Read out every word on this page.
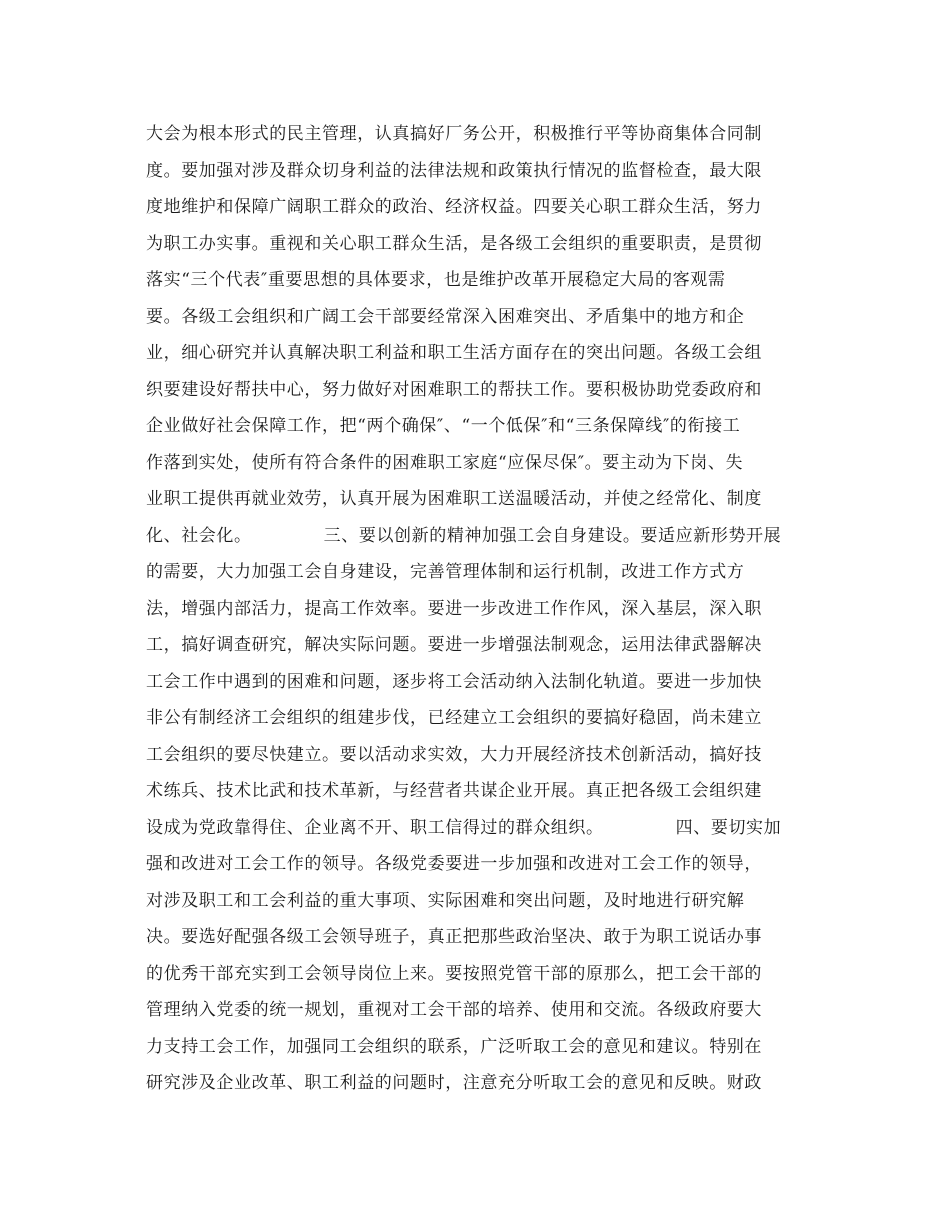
大会为根本形式的民主管理，认真搞好厂务公开，积极推行平等协商集体合同制
度。要加强对涉及群众切身利益的法律法规和政策执行情况的监督检查，最大限
度地维护和保障广阔职工群众的政治、经济权益。四要关心职工群众生活，努力
为职工办实事。重视和关心职工群众生活，是各级工会组织的重要职责，是贯彻
落实“三个代表″重要思想的具体要求，也是维护改革开展稳定大局的客观需
要。各级工会组织和广阔工会干部要经常深入困难突出、矛盾集中的地方和企
业，细心研究并认真解决职工利益和职工生活方面存在的突出问题。各级工会组
织要建设好帮扶中心，努力做好对困难职工的帮扶工作。要积极协助党委政府和
企业做好社会保障工作，把“两个确保″、“一个低保″和“三条保障线″的衔接工
作落到实处，使所有符合条件的困难职工家庭“应保尽保″。要主动为下岗、失
业职工提供再就业效劳，认真开展为困难职工送温暖活动，并使之经常化、制度
化、社会化。            三、要以创新的精神加强工会自身建设。要适应新形势开展
的需要，大力加强工会自身建设，完善管理体制和运行机制，改进工作方式方
法，增强内部活力，提高工作效率。要进一步改进工作作风，深入基层，深入职
工，搞好调查研究，解决实际问题。要进一步增强法制观念，运用法律武器解决
工会工作中遇到的困难和问题，逐步将工会活动纳入法制化轨道。要进一步加快
非公有制经济工会组织的组建步伐，已经建立工会组织的要搞好稳固，尚未建立
工会组织的要尽快建立。要以活动求实效，大力开展经济技术创新活动，搞好技
术练兵、技术比武和技术革新，与经营者共谋企业开展。真正把各级工会组织建
设成为党政靠得住、企业离不开、职工信得过的群众组织。            四、要切实加
强和改进对工会工作的领导。各级党委要进一步加强和改进对工会工作的领导，
对涉及职工和工会利益的重大事项、实际困难和突出问题，及时地进行研究解
决。要选好配强各级工会领导班子，真正把那些政治坚决、敢于为职工说话办事
的优秀干部充实到工会领导岗位上来。要按照党管干部的原那么，把工会干部的
管理纳入党委的统一规划，重视对工会干部的培养、使用和交流。各级政府要大
力支持工会工作，加强同工会组织的联系，广泛听取工会的意见和建议。特别在
研究涉及企业改革、职工利益的问题时，注意充分听取工会的意见和反映。财政
